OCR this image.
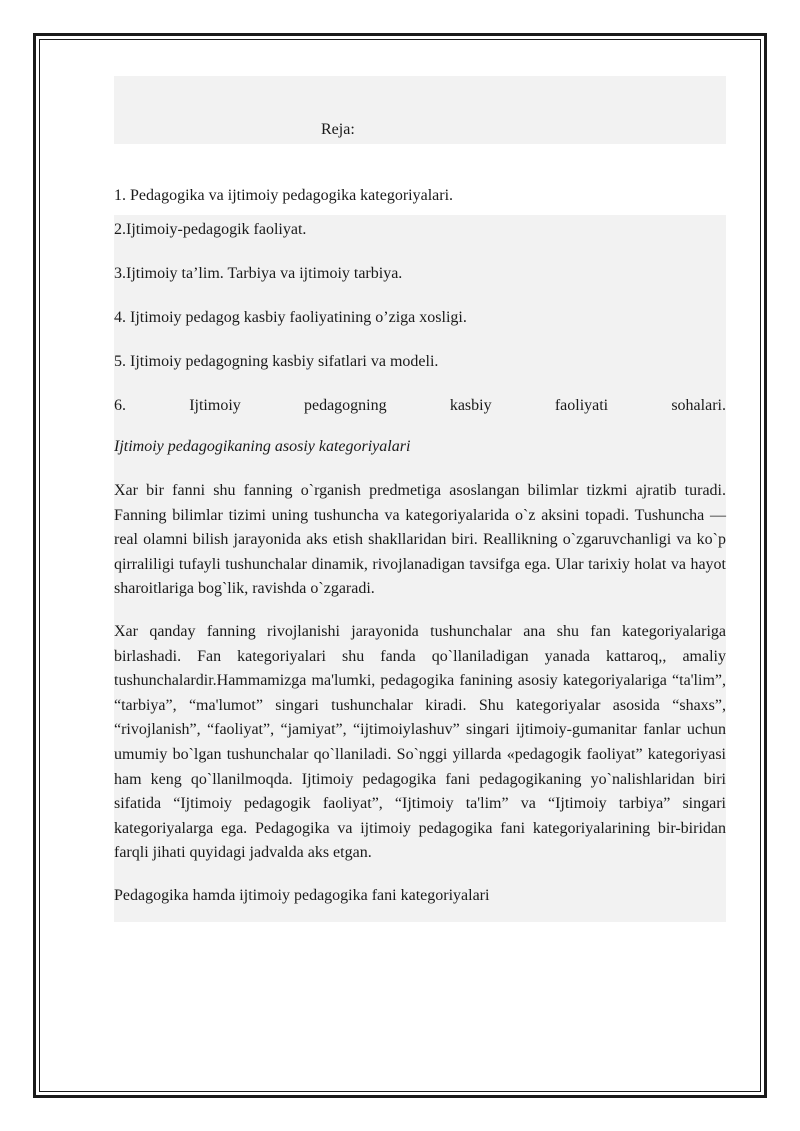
Reja:
1. Pedagogika va ijtimoiy pedagogika kategoriyalari.
2.Ijtimoiy-pedagogik faoliyat.
3.Ijtimoiy ta’lim. Tarbiya va ijtimoiy tarbiya.
4. Ijtimoiy pedagog kasbiy faoliyatining o’ziga xosligi.
5. Ijtimoiy pedagogning kasbiy sifatlari va modeli.
6.	Ijtimoiy	pedagogning	kasbiy	faoliyati	sohalari.
Ijtimoiy pedagogikaning asosiy kategoriyalari

Xar bir fanni shu fanning o`rganish predmetiga asoslangan bilimlar tizkmi ajratib turadi. Fanning bilimlar tizimi uning tushuncha va kategoriyalarida o`z aksini topadi. Tushuncha — real olamni bilish jarayonida aks etish shakllaridan biri. Reallikning o`zgaruvchanligi va ko`p qirraliligi tufayli tushunchalar dinamik, rivojlanadigan tavsifga ega. Ular tarixiy holat va hayot sharoitlariga bog`lik, ravishda o`zgaradi.

Xar qanday fanning rivojlanishi jarayonida tushunchalar ana shu fan kategoriyalariga birlashadi. Fan kategoriyalari shu fanda qo`llaniladigan yanada kattaroq,, amaliy tushunchalardir.Hammamizga ma'lumki, pedagogika fanining asosiy kategoriyalariga “ta'lim”, “tarbiya”, “ma'lumot” singari tushunchalar kiradi. Shu kategoriyalar asosida “shaxs”, “rivojlanish”, “faoliyat”, “jamiyat”, “ijtimoiylashuv” singari ijtimoiy-gumanitar fanlar uchun umumiy bo`lgan tushunchalar qo`llaniladi. So`nggi yillarda «pedagogik faoliyat” kategoriyasi ham keng qo`llanilmoqda. Ijtimoiy pedagogika fani pedagogikaning yo`nalishlaridan biri sifatida “Ijtimoiy pedagogik faoliyat”, “Ijtimoiy ta'lim” va “Ijtimoiy tarbiya” singari kategoriyalarga ega. Pedagogika va ijtimoiy pedagogika fani kategoriyalarining bir-biridan farqli jihati quyidagi jadvalda aks etgan.

Pedagogika hamda ijtimoiy pedagogika fani kategoriyalari
